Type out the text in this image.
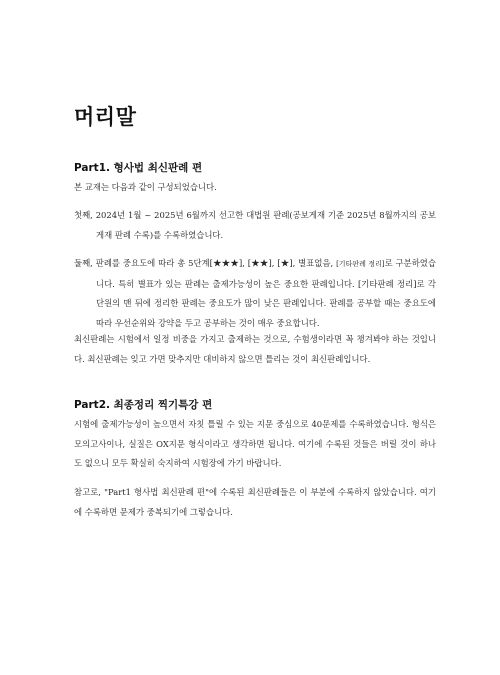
머리말
Part1. 형사법 최신판례 편

본 교재는 다음과 같이 구성되었습니다.

첫째, 2024년 1월 ~ 2025년 6월까지 선고한 대법원 판례(공보게재 기준 2025년 8월까지의 공보게재 판례 수록)를 수록하였습니다.

둘째, 판례를 중요도에 따라 총 5단계[★★★], [★★], [★], 별표없음, [기타판례 정리]로 구분하였습니다. 특히 별표가 있는 판례는 출제가능성이 높은 중요한 판례입니다. [기타판례 정리]로 각 단원의 맨 뒤에 정리한 판례는 중요도가 많이 낮은 판례입니다. 판례를 공부할 때는 중요도에 따라 우선순위와 강약을 두고 공부하는 것이 매우 중요합니다.

최신판례는 시험에서 일정 비중을 가지고 출제하는 것으로, 수험생이라면 꼭 챙겨봐야 하는 것입니다. 최신판례는 잊고 가면 맞추지만 대비하지 않으면 틀리는 것이 최신판례입니다.

Part2. 최종정리 찍기특강 편

시험에 출제가능성이 높으면서 자칫 틀릴 수 있는 지문 중심으로 40문제를 수록하였습니다. 형식은 모의고사이나, 실질은 OX지문 형식이라고 생각하면 됩니다. 여기에 수록된 것들은 버릴 것이 하나도 없으니 모두 확실히 숙지하여 시험장에 가기 바랍니다.

참고로, "Part1 형사법 최신판례 편"에 수록된 최신판례들은 이 부분에 수록하지 않았습니다. 여기에 수록하면 문제가 중복되기에 그렇습니다.
